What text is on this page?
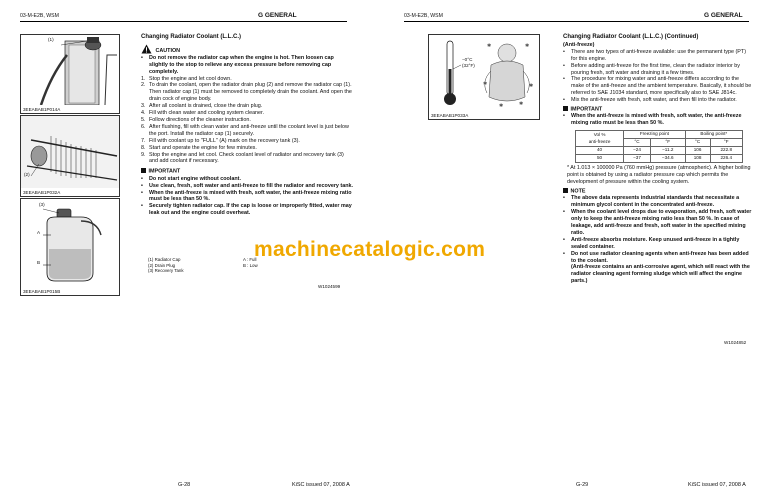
03-M-E2B, WSM	G GENERAL
(1)
3EEABAB1P014A
(2)
3EEABAB1P032A
(3)
A
B
3EEABAB1P015B

Changing Radiator Coolant (L.L.C.)

CAUTION

• Do not remove the radiator cap when the engine is hot. Then loosen cap slightly to the stop to relieve any excess pressure before removing cap completely.

1. Stop the engine and let cool down.

2. To drain the coolant, open the radiator drain plug (2) and remove the radiator cap (1). Then radiator cap (1) must be removed to completely drain the coolant. And open the drain cock of engine body.

3. After all coolant is drained, close the drain plug.

4. Fill with clean water and cooling system cleaner.

5. Follow directions of the cleaner instruction.

6. After flushing, fill with clean water and anti-freeze until the coolant level is just below the port. Install the radiator cap (1) securely.

7. Fill with coolant up to "FULL" (A) mark on the recovery tank (3).

8. Start and operate the engine for few minutes.

9. Stop the engine and let cool. Check coolant level of radiator and recovery tank (3) and add coolant if necessary.

IMPORTANT

• Do not start engine without coolant.

• Use clean, fresh, soft water and anti-freeze to fill the radiator and recovery tank.

• When the anti-freeze is mixed with fresh, soft water, the anti-freeze mixing ratio must be less than 50 %.

• Securely tighten radiator cap. If the cap is loose or improperly fitted, water may leak out and the engine could overheat.

(1) Radiator Cap	A : Full
(2) Drain Plug	B : Low
(3) Recovery Tank
W1024599
G-28	KiSC issued 07, 2008 A
03-M-E2B, WSM	G GENERAL
✱	✱
✱	✱
✱	✱
−0°C
(32°F)
3EEABAB1P033A

Changing Radiator Coolant (L.L.C.) (Continued)

(Anti-freeze)

• There are two types of anti-freeze available: use the permanent type (PT) for this engine.

• Before adding anti-freeze for the first time, clean the radiator interior by pouring fresh, soft water and draining it a few times.

• The procedure for mixing water and anti-freeze differs according to the make of the anti-freeze and the ambient temperature. Basically, it should be referred to SAE J1034 standard, more specifically also to SAE J814c.

• Mix the anti-freeze with fresh, soft water, and then fill into the radiator.

IMPORTANT

• When the anti-freeze is mixed with fresh, soft water, the anti-freeze mixing ratio must be less than 50 %.

Vol %
anti-freeze	Freezing point		Boiling point*	
	°C	°F	°C	°F
40	−24	−11.2	106	222.8
50	−37	−34.6	108	226.4

* At 1.013 × 100000 Pa (760 mmHg) pressure (atmospheric). A higher boiling point is obtained by using a radiator pressure cap which permits the development of pressure within the cooling system.

NOTE

• The above data represents industrial standards that necessitate a minimum glycol content in the concentrated anti-freeze.

• When the coolant level drops due to evaporation, add fresh, soft water only to keep the anti-freeze mixing ratio less than 50 %. In case of leakage, add anti-freeze and fresh, soft water in the specified mixing ratio.

• Anti-freeze absorbs moisture. Keep unused anti-freeze in a tightly sealed container.

• Do not use radiator cleaning agents when anti-freeze has been added to the coolant.

(Anti-freeze contains an anti-corrosive agent, which will react with the radiator cleaning agent forming sludge which will affect the engine parts.)

W1024852
G-29	KiSC issued 07, 2008 A
machinecatalogic.com
